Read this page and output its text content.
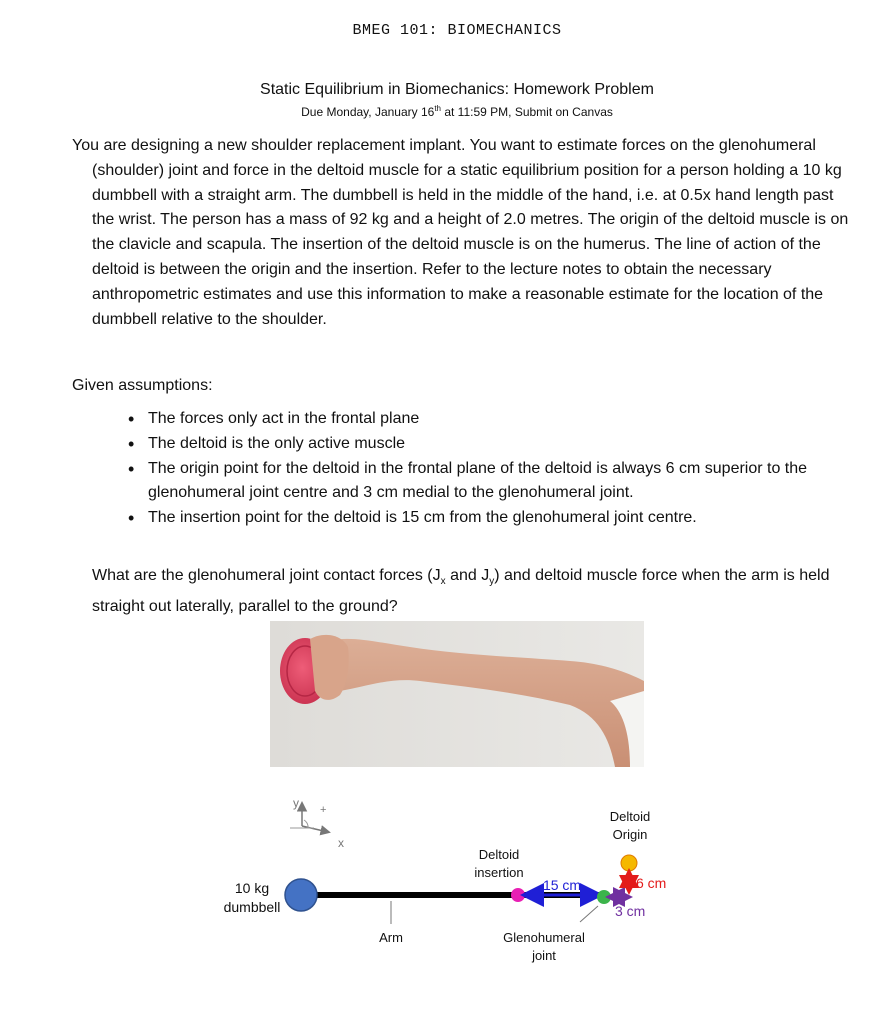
BMEG 101: BIOMECHANICS
Static Equilibrium in Biomechanics: Homework Problem
Due Monday, January 16th at 11:59 PM, Submit on Canvas

You are designing a new shoulder replacement implant. You want to estimate forces on the glenohumeral (shoulder) joint and force in the deltoid muscle for a static equilibrium position for a person holding a 10 kg dumbbell with a straight arm. The dumbbell is held in the middle of the hand, i.e. at 0.5x hand length past the wrist. The person has a mass of 92 kg and a height of 2.0 metres. The origin of the deltoid muscle is on the clavicle and scapula. The insertion of the deltoid muscle is on the humerus. The line of action of the deltoid is between the origin and the insertion. Refer to the lecture notes to obtain the necessary anthropometric estimates and use this information to make a reasonable estimate for the location of the dumbbell relative to the shoulder.

Given assumptions:

• The forces only act in the frontal plane
• The deltoid is the only active muscle
• The origin point for the deltoid in the frontal plane of the deltoid is always 6 cm superior to the glenohumeral joint centre and 3 cm medial to the glenohumeral joint.
• The insertion point for the deltoid is 15 cm from the glenohumeral joint centre.

What are the glenohumeral joint contact forces ($J_x$ and $J_y$) and deltoid muscle force when the arm is held straight out laterally, parallel to the ground?

y +
x
10 kg
dumbbell
Arm
Deltoid
insertion
Deltoid
Origin
15 cm	6 cm
3 cm
Glenohumeral
joint
